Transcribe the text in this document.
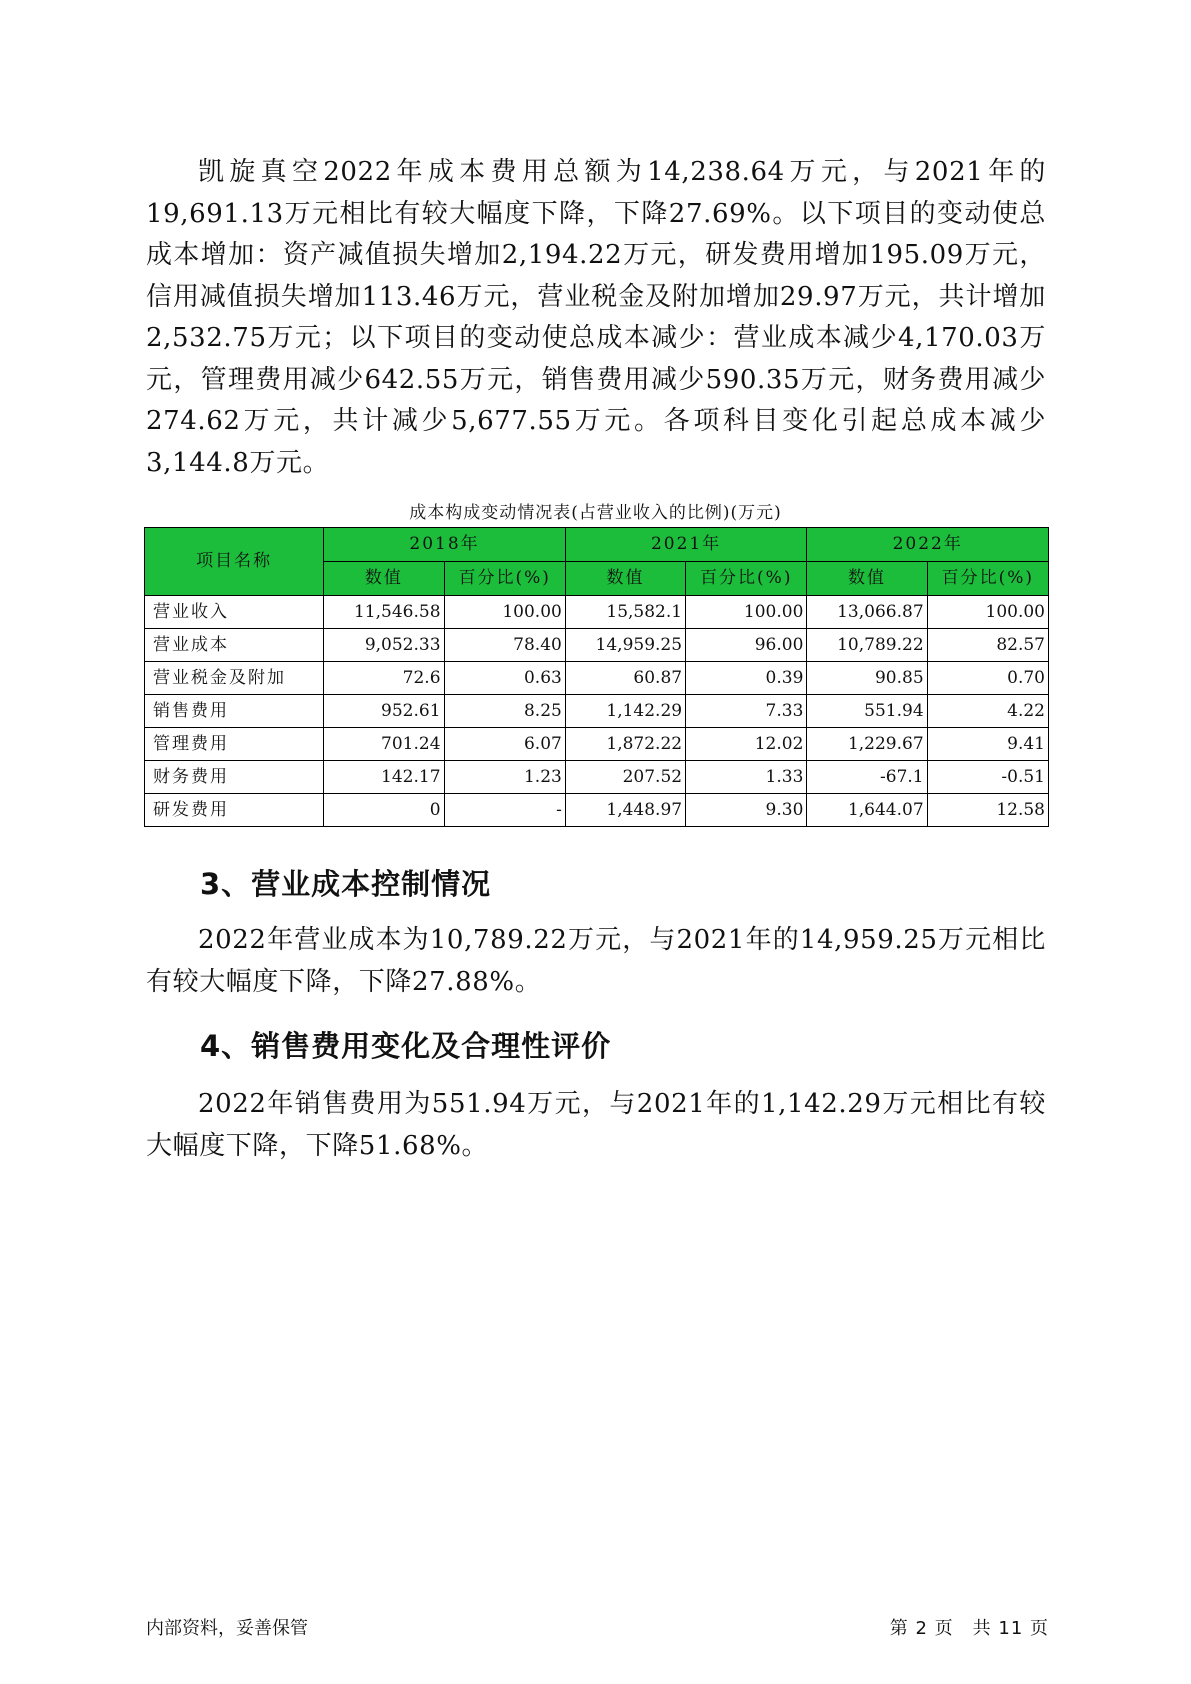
凯旋真空2022年成本费用总额为14,238.64万元，与2021年的19,691.13万元相比有较大幅度下降，下降27.69%。以下项目的变动使总成本增加：资产减值损失增加2,194.22万元，研发费用增加195.09万元，信用减值损失增加113.46万元，营业税金及附加增加29.97万元，共计增加2,532.75万元；以下项目的变动使总成本减少：营业成本减少4,170.03万元，管理费用减少642.55万元，销售费用减少590.35万元，财务费用减少274.62万元，共计减少5,677.55万元。各项科目变化引起总成本减少3,144.8万元。

成本构成变动情况表(占营业收入的比例)(万元)
项目名称	2018年		2021年		2022年	
	数值	百分比(%)	数值	百分比(%)	数值	百分比(%)
营业收入	11,546.58	100.00	15,582.1	100.00	13,066.87	100.00
营业成本	9,052.33	78.40	14,959.25	96.00	10,789.22	82.57
营业税金及附加	72.6	0.63	60.87	0.39	90.85	0.70
销售费用	952.61	8.25	1,142.29	7.33	551.94	4.22
管理费用	701.24	6.07	1,872.22	12.02	1,229.67	9.41
财务费用	142.17	1.23	207.52	1.33	-67.1	-0.51
研发费用	0	-	1,448.97	9.30	1,644.07	12.58
3、营业成本控制情况

2022年营业成本为10,789.22万元，与2021年的14,959.25万元相比有较大幅度下降，下降27.88%。

4、销售费用变化及合理性评价

2022年销售费用为551.94万元，与2021年的1,142.29万元相比有较大幅度下降，下降51.68%。

内部资料，妥善保管	第 2 页　共 11 页
